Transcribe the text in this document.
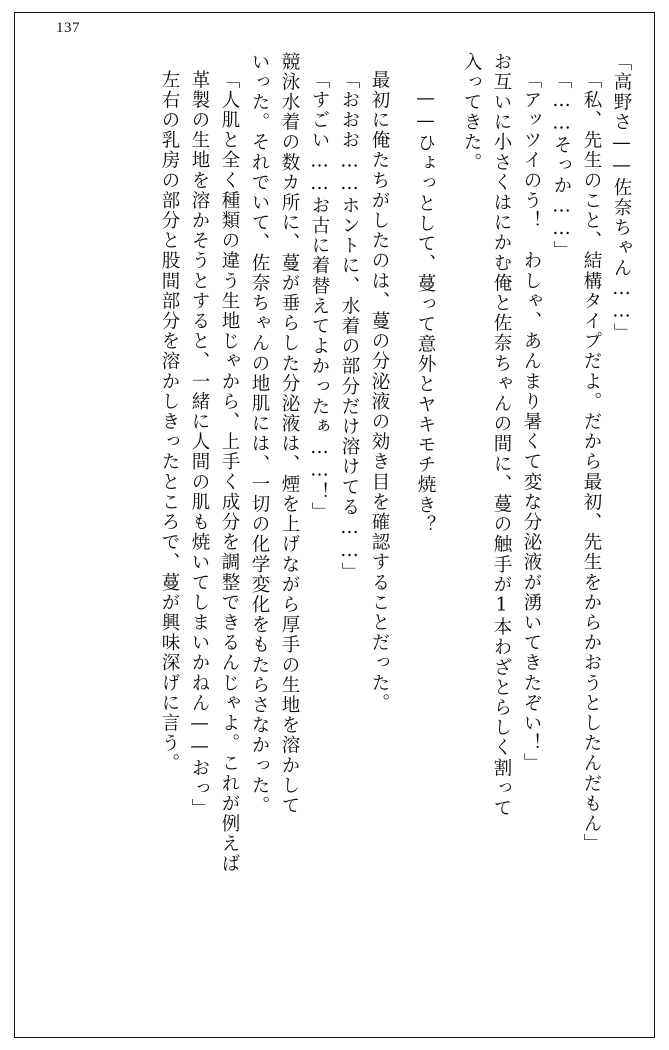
137
「高野さ——佐奈ちゃん……」
「私、先生のこと、結構タイプだよ。だから最初、先生をからかおうとしたんだもん」
「……そっか……」
「アッツイのう！　わしゃ、あんまり暑くて変な分泌液が湧いてきたぞい！」
お互いに小さくはにかむ俺と佐奈ちゃんの間に、蔓の触手が1本わざとらしく割って
入ってきた。
——ひょっとして、蔓って意外とヤキモチ焼き？
最初に俺たちがしたのは、蔓の分泌液の効き目を確認することだった。
「おおお……ホントに、水着の部分だけ溶けてる……」
「すごい……お古に着替えてよかったぁ……！」
競泳水着の数カ所に、蔓が垂らした分泌液は、煙を上げながら厚手の生地を溶かして
いった。それでいて、佐奈ちゃんの地肌には、一切の化学変化をもたらさなかった。
「人肌と全く種類の違う生地じゃから、上手く成分を調整できるんじゃよ。これが例えば
革製の生地を溶かそうとすると、一緒に人間の肌も焼いてしまいかねん——おっ」
左右の乳房の部分と股間部分を溶かしきったところで、蔓が興味深げに言う。
